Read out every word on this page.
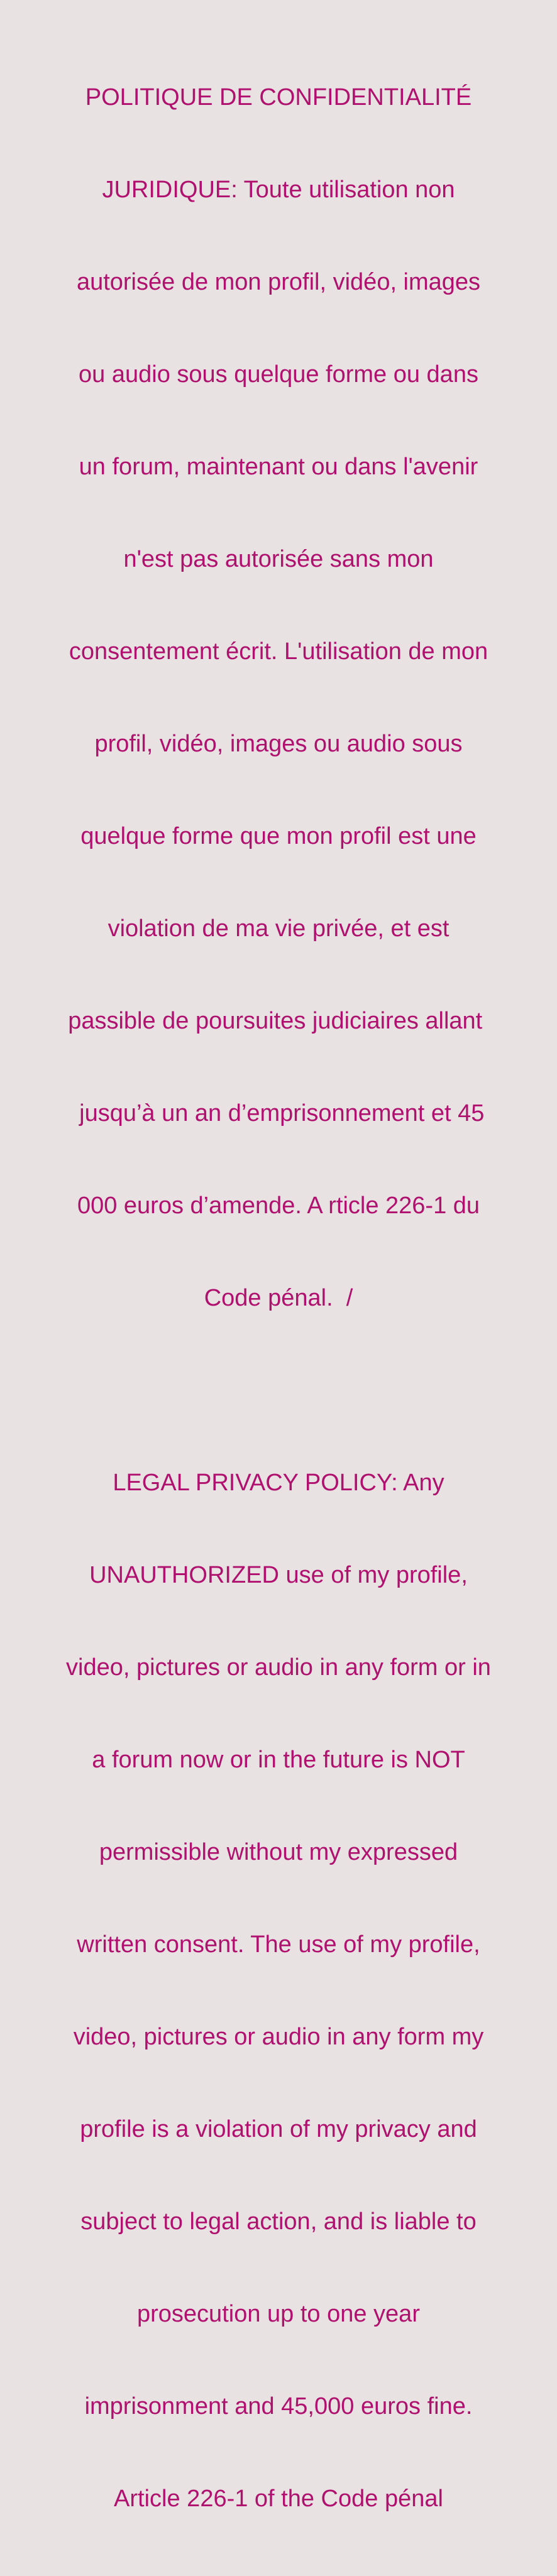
POLITIQUE DE CONFIDENTIALITÉ

JURIDIQUE: Toute utilisation non

autorisée de mon profil, vidéo, images

ou audio sous quelque forme ou dans

un forum, maintenant ou dans l'avenir

n'est pas autorisée sans mon

consentement écrit. L'utilisation de mon

profil, vidéo, images ou audio sous

quelque forme que mon profil est une

violation de ma vie privée, et est

passible de poursuites judiciaires allant

jusqu’à un an d’emprisonnement et 45

000 euros d’amende. A rticle 226-1 du

Code pénal.  /

LEGAL PRIVACY POLICY: Any

UNAUTHORIZED use of my profile,

video, pictures or audio in any form or in

a forum now or in the future is NOT

permissible without my expressed

written consent. The use of my profile,

video, pictures or audio in any form my

profile is a violation of my privacy and

subject to legal action, and is liable to

prosecution up to one year

imprisonment and 45,000 euros fine.

Article 226-1 of the Code pénal
